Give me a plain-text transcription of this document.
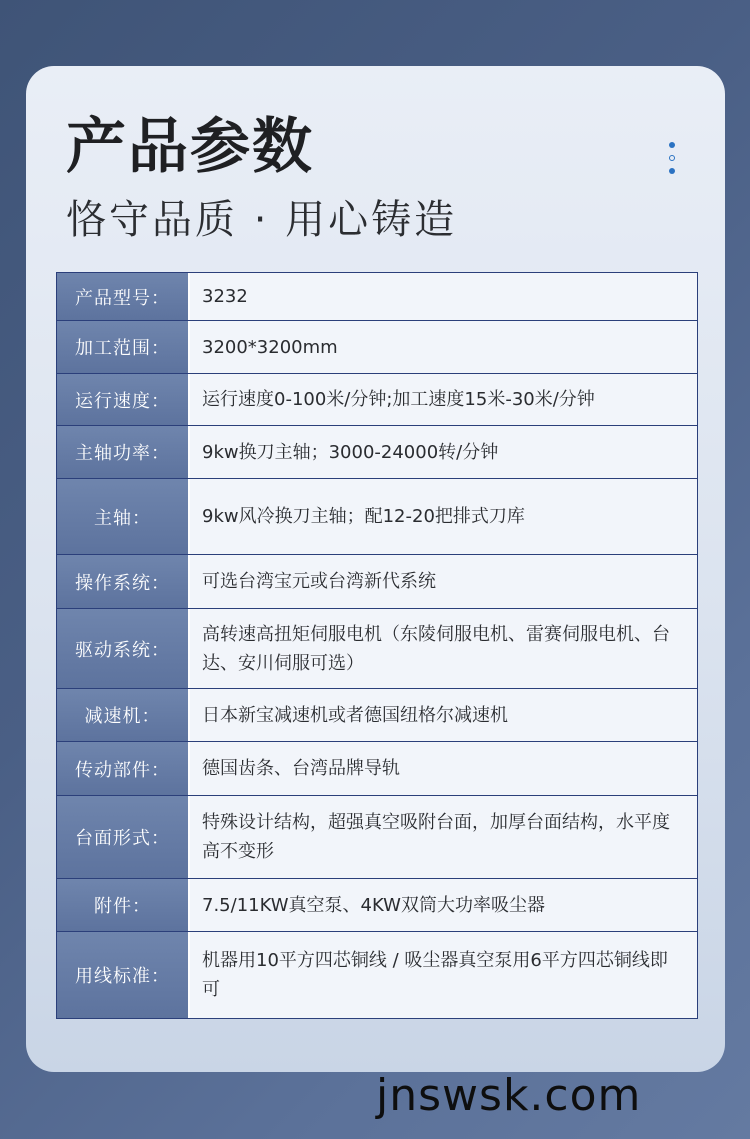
产品参数
恪守品质 · 用心铸造
产品型号：	3232
加工范围：	3200*3200mm
运行速度：	运行速度0-100米/分钟;加工速度15米-30米/分钟
主轴功率：	9kw换刀主轴；3000-24000转/分钟
主轴：	9kw风冷换刀主轴；配12-20把排式刀库
操作系统：	可选台湾宝元或台湾新代系统
驱动系统：
高转速高扭矩伺服电机（东陵伺服电机、雷赛伺服电机、台达、安川伺服可选）
减速机：	日本新宝减速机或者德国纽格尔减速机
传动部件：	德国齿条、台湾品牌导轨
台面形式：
特殊设计结构，超强真空吸附台面，加厚台面结构，水平度高不变形
附件：	7.5/11KW真空泵、4KW双筒大功率吸尘器
用线标准：
机器用10平方四芯铜线 / 吸尘器真空泵用6平方四芯铜线即可

jnswsk.com
